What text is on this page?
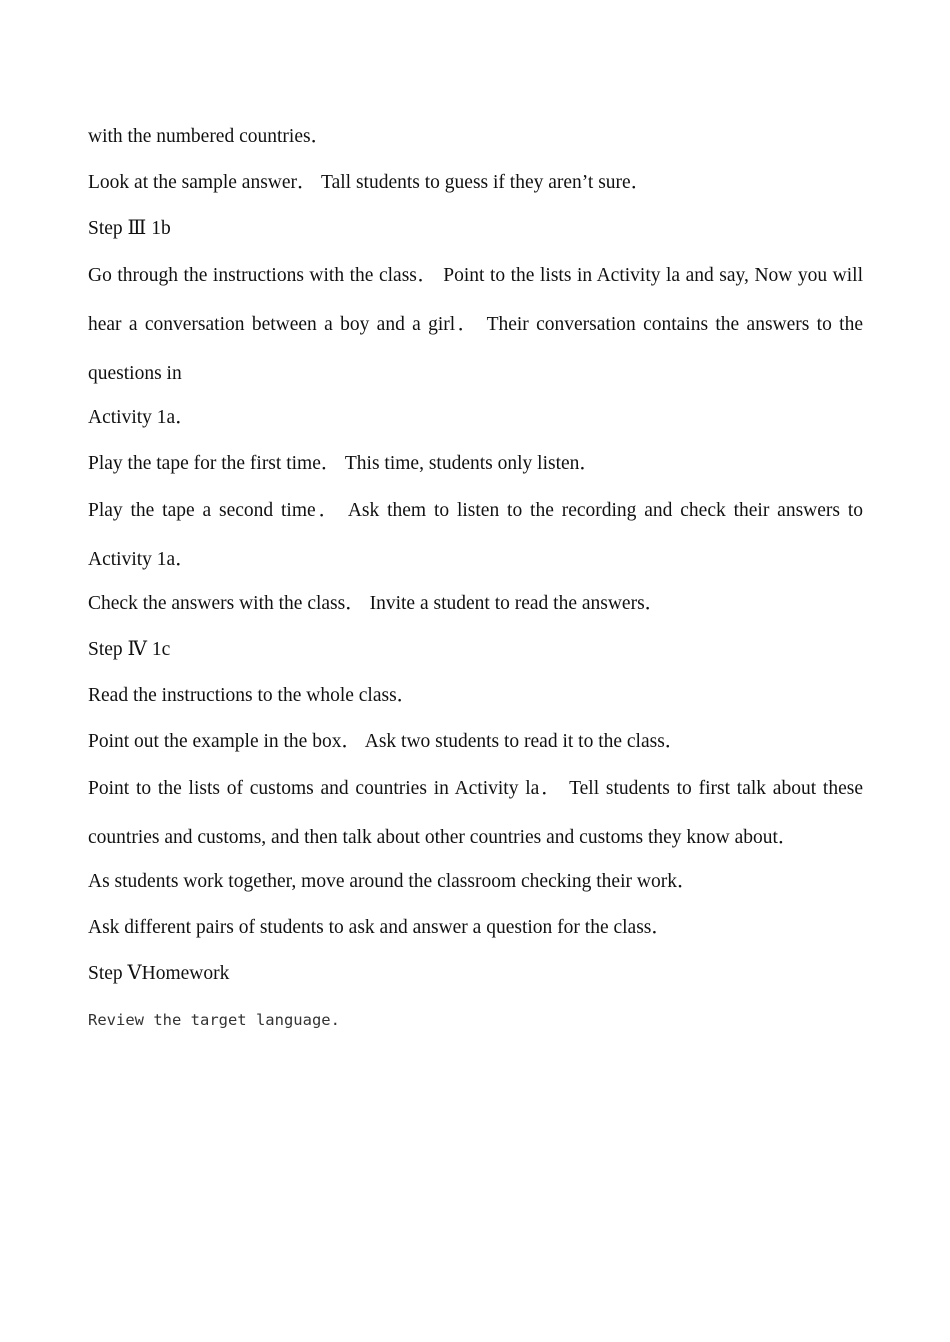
with the numbered countries．
Look at the sample answer． Tall students to guess if they aren’t sure．
Step Ⅲ 1b
Go through the instructions with the class． Point to the lists in Activity la and say, Now you will hear a conversation between a boy and a girl． Their conversation contains the answers to the questions in
Activity 1a．
Play the tape for the first time． This time, students only listen．
Play the tape a second time． Ask them to listen to the recording and check their answers to Activity 1a．
Check the answers with the class． Invite a student to read the answers．
Step Ⅳ 1c
Read the instructions to the whole class．
Point out the example in the box． Ask two students to read it to the class．
Point to the lists of customs and countries in Activity la． Tell students to first talk about these countries and customs, and then talk about other countries and customs they know about．
As students work together, move around the classroom checking their work．
Ask different pairs of students to ask and answer a question for the class．
Step ⅤHomework
Review the target language.
